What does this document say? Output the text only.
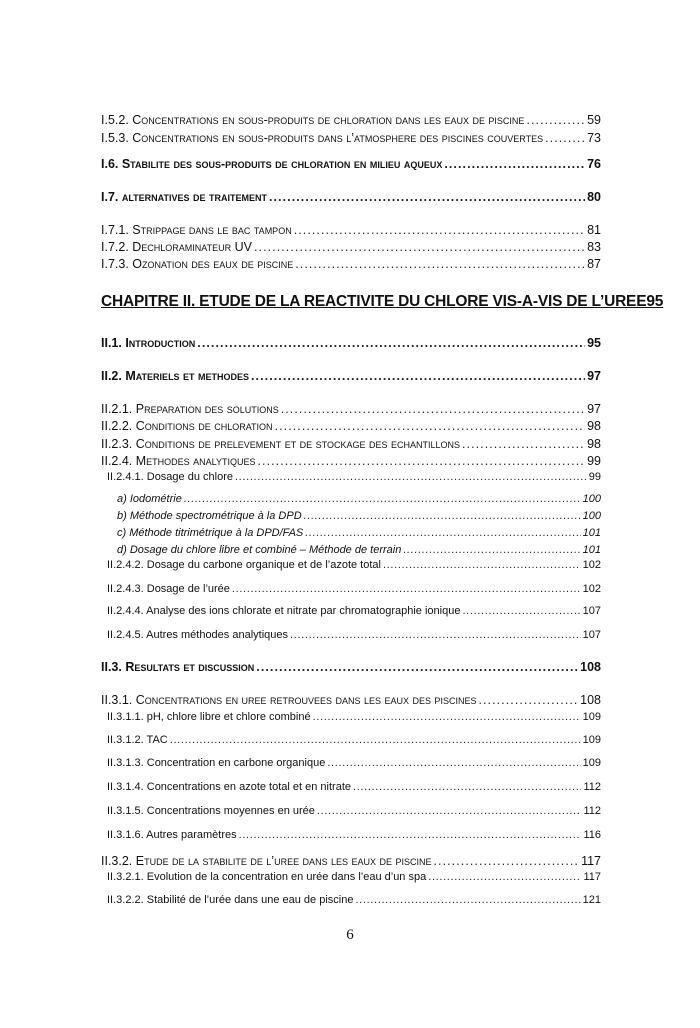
I.5.2. Concentrations en sous-produits de chloration dans les eaux de piscine . . .	59
I.5.3. Concentrations en sous-produits dans l’atmosphere des piscines couvertes . . .	73
I.6. Stabilite des sous-produits de chloration en milieu aqueux . . .	76
I.7. alternatives de traitement . . .	80
I.7.1. Strippage dans le bac tampon . . .	81
I.7.2. Dechloraminateur UV . . .	83
I.7.3. Ozonation des eaux de piscine . . .	87
II.1. Introduction . . .	95
II.2. Materiels et methodes . . .	97
II.2.1. Preparation des solutions . . .	97
II.2.2. Conditions de chloration . . .	98
II.2.3. Conditions de prelevement et de stockage des echantillons . . .	98
II.2.4. Methodes analytiques . . .	99
II.2.4.1. Dosage du chlore . . .	99
a) Iodométrie . . .	100
b) Méthode spectrométrique à la DPD . . .	100
c) Méthode titrimétrique à la DPD/FAS . . .	101
d) Dosage du chlore libre et combiné – Méthode de terrain . . .	101
II.2.4.2. Dosage du carbone organique et de l’azote total . . .	102
II.2.4.3. Dosage de l’urée . . .	102
II.2.4.4. Analyse des ions chlorate et nitrate par chromatographie ionique . . .	107
II.2.4.5. Autres méthodes analytiques . . .	107
II.3. Resultats et discussion . . .	108
II.3.1. Concentrations en uree retrouvees dans les eaux des piscines . . .	108
II.3.1.1. pH, chlore libre et chlore combiné . . .	109
II.3.1.2. TAC . . .	109
II.3.1.3. Concentration en carbone organique . . .	109
II.3.1.4. Concentrations en azote total et en nitrate . . .	112
II.3.1.5. Concentrations moyennes en urée . . .	112
II.3.1.6. Autres paramètres . . .	116
II.3.2. Etude de la stabilite de l’uree dans les eaux de piscine . . .	117
II.3.2.1. Evolution de la concentration en urée dans l’eau d’un spa . . .	117
II.3.2.2. Stabilité de l’urée dans une eau de piscine . . .	121
CHAPITRE II. ETUDE DE LA REACTIVITE DU CHLORE VIS-A-VIS DE L’UREE95
6
